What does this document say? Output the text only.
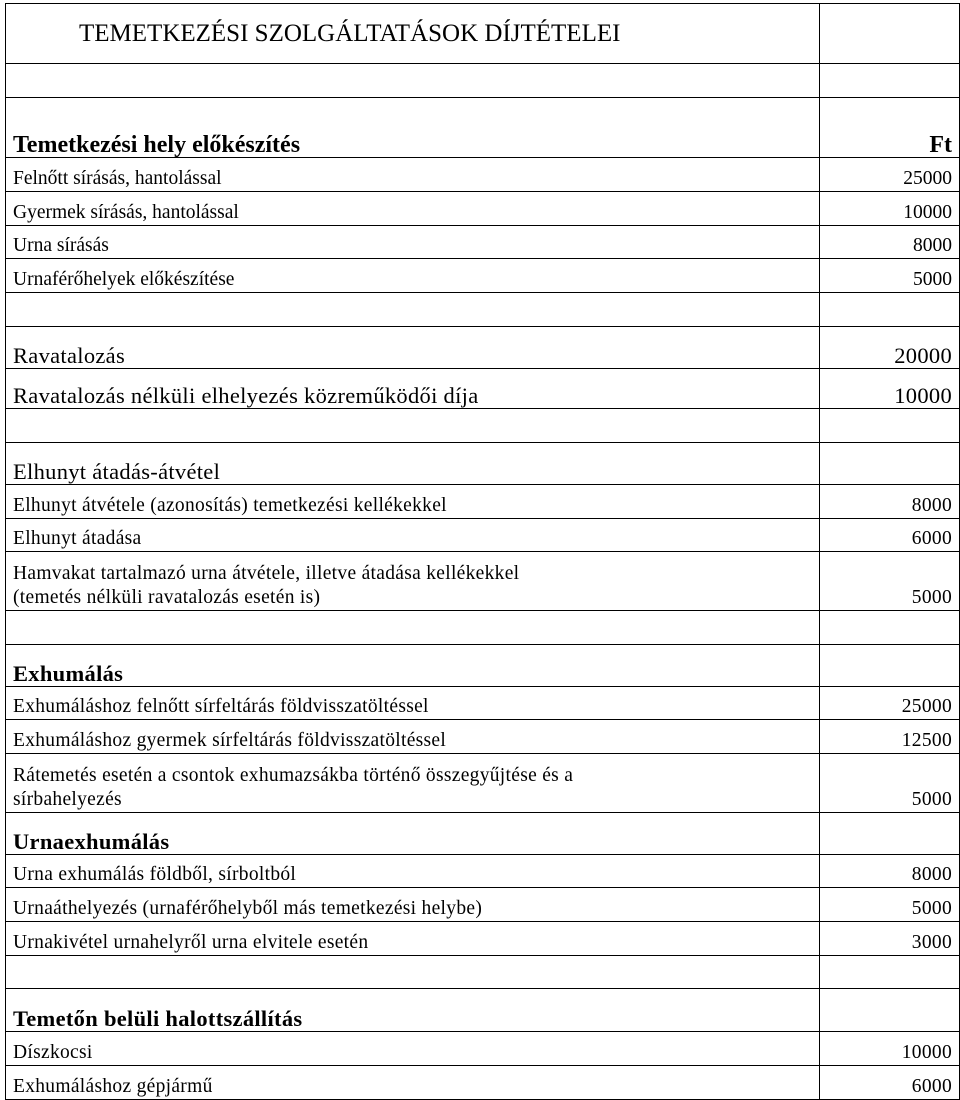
TEMETKEZÉSI SZOLGÁLTATÁSOK DÍJTÉTELEI	

Temetkezési hely előkészítés	Ft
Felnőtt sírásás, hantolással	25000
Gyermek sírásás, hantolással	10000
Urna sírásás	8000
Urnaférőhelyek előkészítése	5000

Ravatalozás	20000
Ravatalozás nélküli elhelyezés közreműködői díja	10000

Elhunyt átadás-átvétel	
Elhunyt átvétele (azonosítás) temetkezési kellékekkel	8000
Elhunyt átadása	6000

Hamvakat tartalmazó urna átvétele, illetve átadása kellékekkel
(temetés nélküli ravatalozás esetén is)	5000

Exhumálás	
Exhumáláshoz felnőtt sírfeltárás földvisszatöltéssel	25000
Exhumáláshoz gyermek sírfeltárás földvisszatöltéssel	12500

Rátemetés esetén a csontok exhumazsákba történő összegyűjtése és a
sírbahelyezés	5000
Urnaexhumálás	
Urna exhumálás földből, sírboltból	8000
Urnaáthelyezés (urnaférőhelyből más temetkezési helybe)	5000
Urnakivétel urnahelyről urna elvitele esetén	3000

Temetőn belüli halottszállítás	
Díszkocsi	10000
Exhumáláshoz gépjármű	6000
